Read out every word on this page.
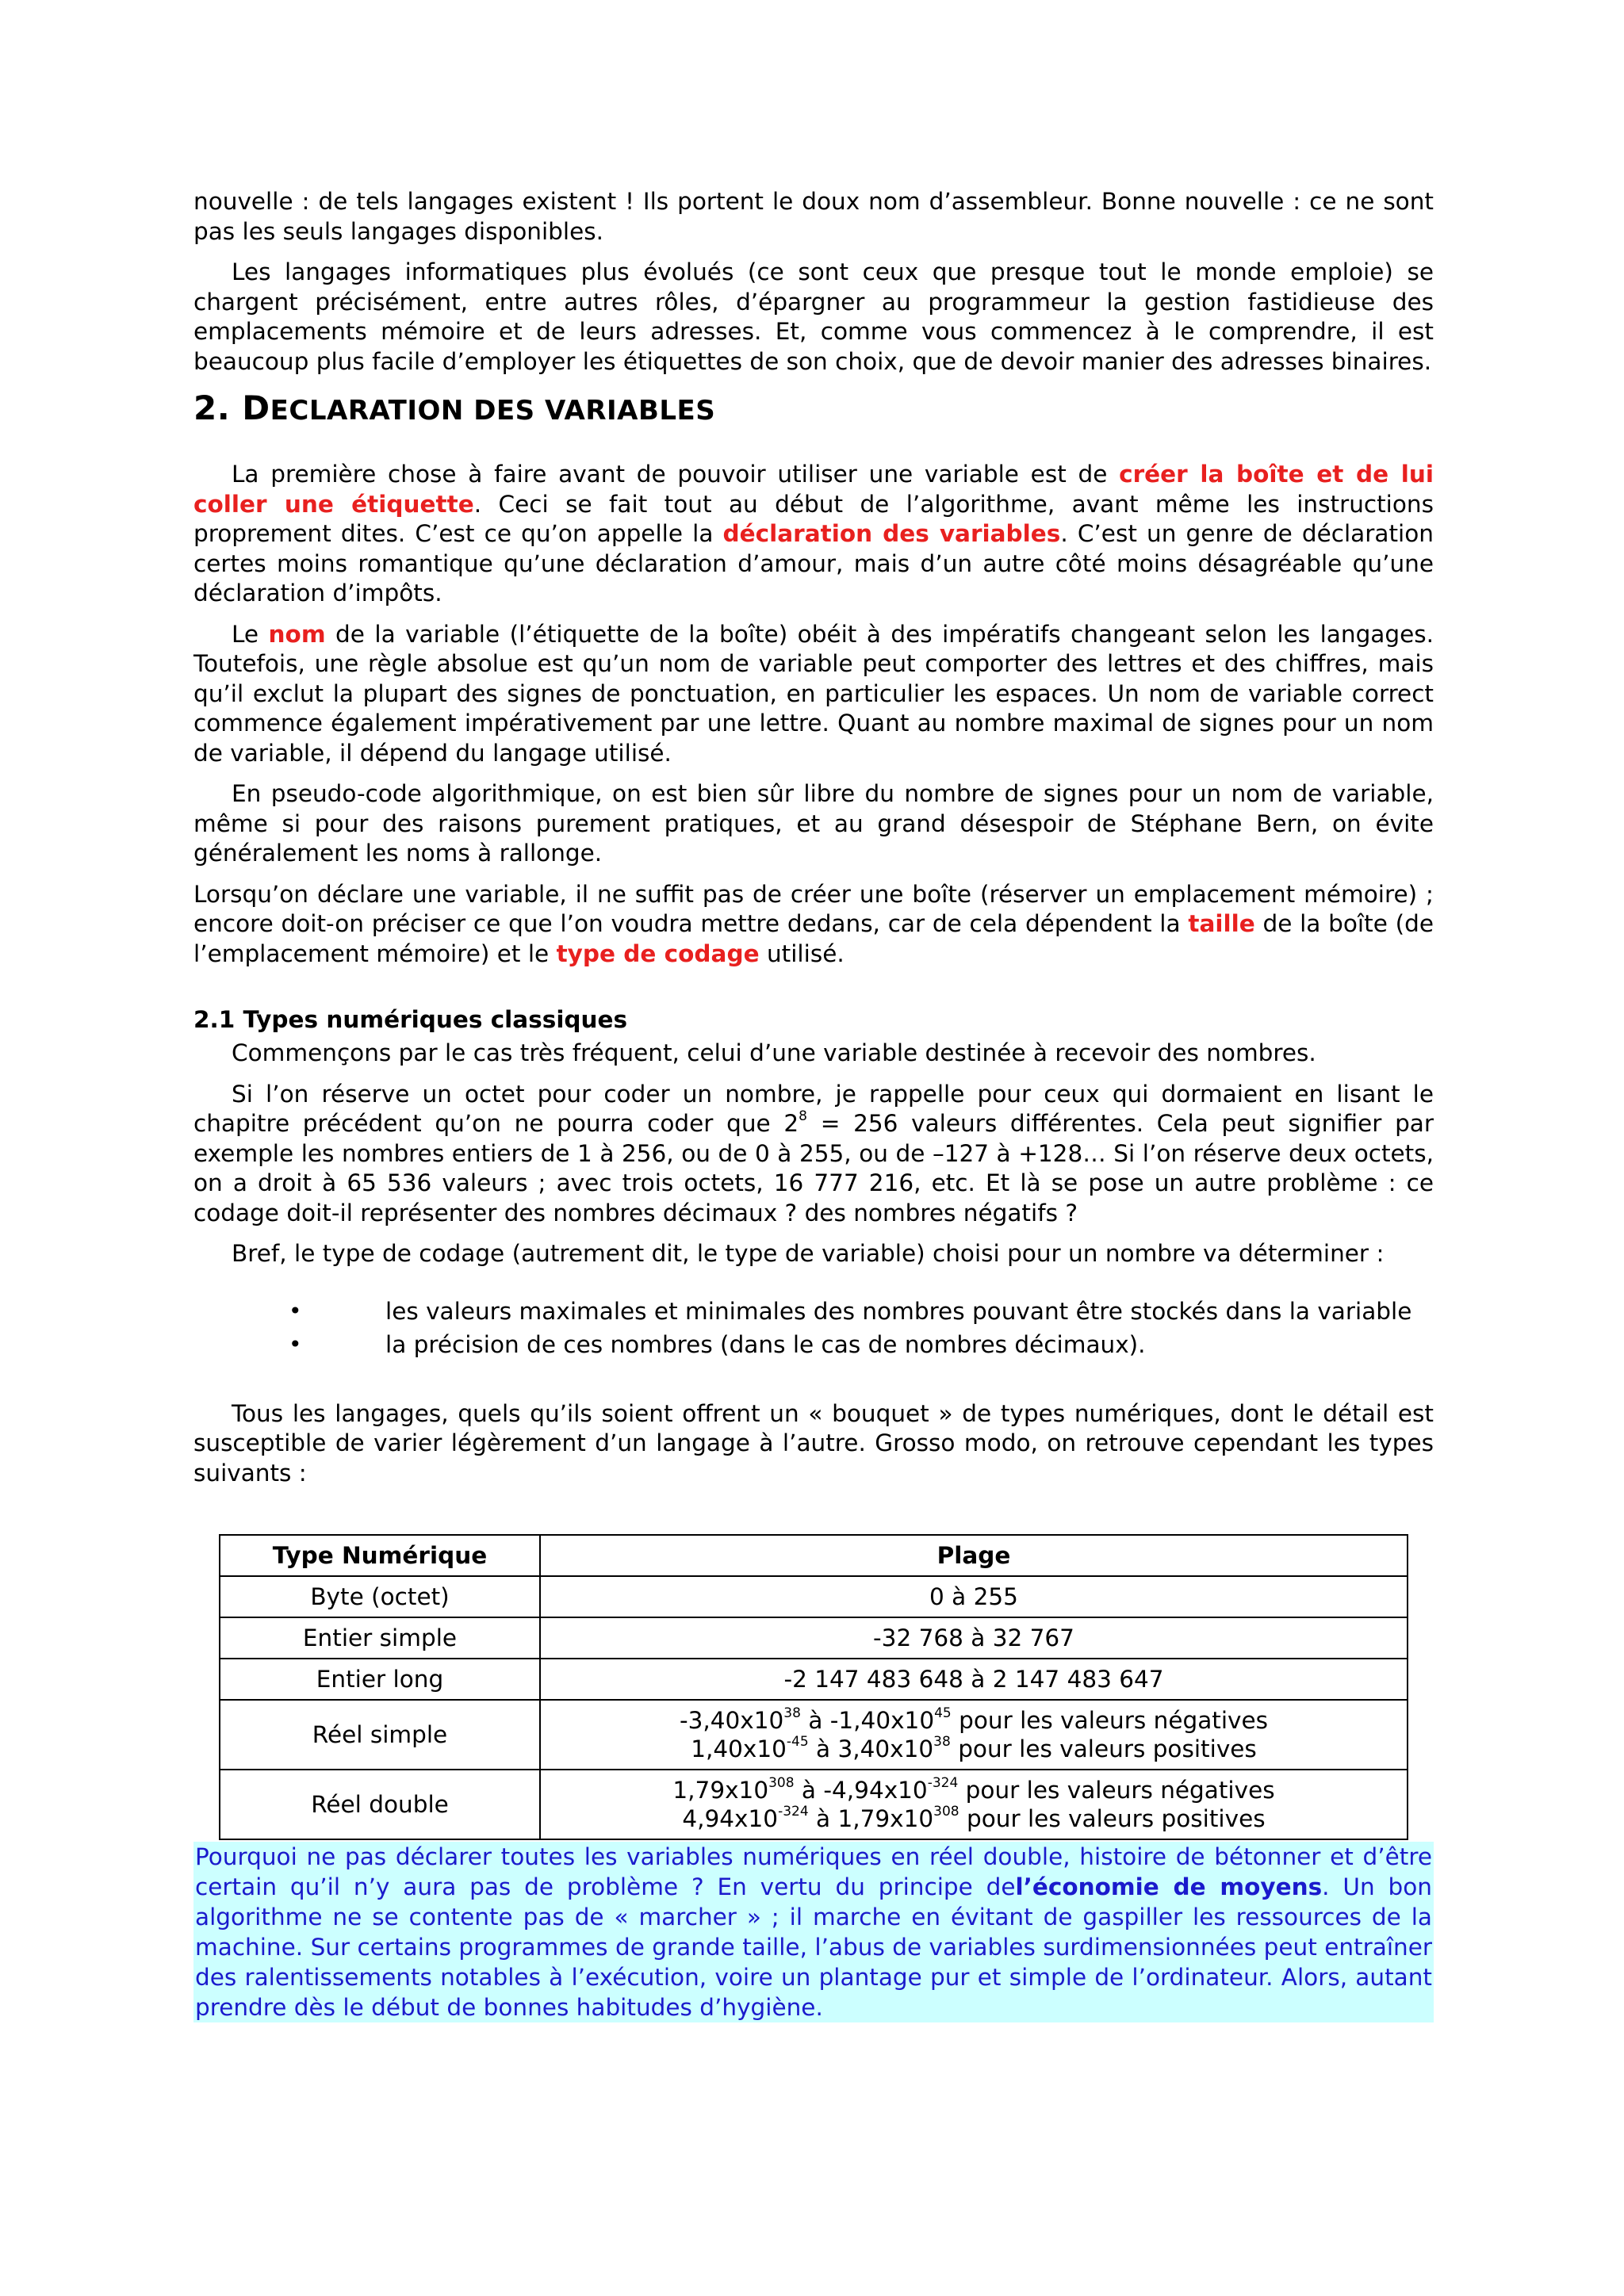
nouvelle : de tels langages existent ! Ils portent le doux nom d’assembleur. Bonne nouvelle : ce ne sont pas les seuls langages disponibles.

Les langages informatiques plus évolués (ce sont ceux que presque tout le monde emploie) se chargent précisément, entre autres rôles, d’épargner au programmeur la gestion fastidieuse des emplacements mémoire et de leurs adresses. Et, comme vous commencez à le comprendre, il est beaucoup plus facile d’employer les étiquettes de son choix, que de devoir manier des adresses binaires.

2. DECLARATION DES VARIABLES

La première chose à faire avant de pouvoir utiliser une variable est de créer la boîte et de lui coller une étiquette. Ceci se fait tout au début de l’algorithme, avant même les instructions proprement dites. C’est ce qu’on appelle la déclaration des variables. C’est un genre de déclaration certes moins romantique qu’une déclaration d’amour, mais d’un autre côté moins désagréable qu’une déclaration d’impôts.

Le nom de la variable (l’étiquette de la boîte) obéit à des impératifs changeant selon les langages. Toutefois, une règle absolue est qu’un nom de variable peut comporter des lettres et des chiffres, mais qu’il exclut la plupart des signes de ponctuation, en particulier les espaces. Un nom de variable correct commence également impérativement par une lettre. Quant au nombre maximal de signes pour un nom de variable, il dépend du langage utilisé.

En pseudo-code algorithmique, on est bien sûr libre du nombre de signes pour un nom de variable, même si pour des raisons purement pratiques, et au grand désespoir de Stéphane Bern, on évite généralement les noms à rallonge.

Lorsqu’on déclare une variable, il ne suffit pas de créer une boîte (réserver un emplacement mémoire) ; encore doit-on préciser ce que l’on voudra mettre dedans, car de cela dépendent la taille de la boîte (de l’emplacement mémoire) et le type de codage utilisé.

2.1 Types numériques classiques

Commençons par le cas très fréquent, celui d’une variable destinée à recevoir des nombres.

Si l’on réserve un octet pour coder un nombre, je rappelle pour ceux qui dormaient en lisant le chapitre précédent qu’on ne pourra coder que $2^8 = 256$ valeurs différentes. Cela peut signifier par exemple les nombres entiers de 1 à 256, ou de 0 à 255, ou de –127 à +128… Si l’on réserve deux octets, on a droit à 65 536 valeurs ; avec trois octets, 16 777 216, etc. Et là se pose un autre problème : ce codage doit-il représenter des nombres décimaux ? des nombres négatifs ?

Bref, le type de codage (autrement dit, le type de variable) choisi pour un nombre va déterminer :

•	les valeurs maximales et minimales des nombres pouvant être stockés dans la variable
•	la précision de ces nombres (dans le cas de nombres décimaux).

Tous les langages, quels qu’ils soient offrent un « bouquet » de types numériques, dont le détail est susceptible de varier légèrement d’un langage à l’autre. Grosso modo, on retrouve cependant les types suivants :

Type Numérique	Plage
Byte (octet)	0 à 255
Entier simple	-32 768 à 32 767
Entier long	-2 147 483 648 à 2 147 483 647
Réel simple	$-3,40x10^{38}$ à $-1,40x10^{45}$ pour les valeurs négatives
$1,40x10^{-45}$ à $3,40x10^{38}$ pour les valeurs positives

Réel double	$1,79x10^{308}$ à $-4,94x10^{-324}$ pour les valeurs négatives
$4,94x10^{-324}$ à $1,79x10^{308}$ pour les valeurs positives
Pourquoi ne pas déclarer toutes les variables numériques en réel double, histoire de bétonner et d’être certain qu’il n’y aura pas de problème ? En vertu du principe del’économie de moyens. Un bon algorithme ne se contente pas de « marcher » ; il marche en évitant de gaspiller les ressources de la machine. Sur certains programmes de grande taille, l’abus de variables surdimensionnées peut entraîner des ralentissements notables à l’exécution, voire un plantage pur et simple de l’ordinateur. Alors, autant prendre dès le début de bonnes habitudes d’hygiène.
